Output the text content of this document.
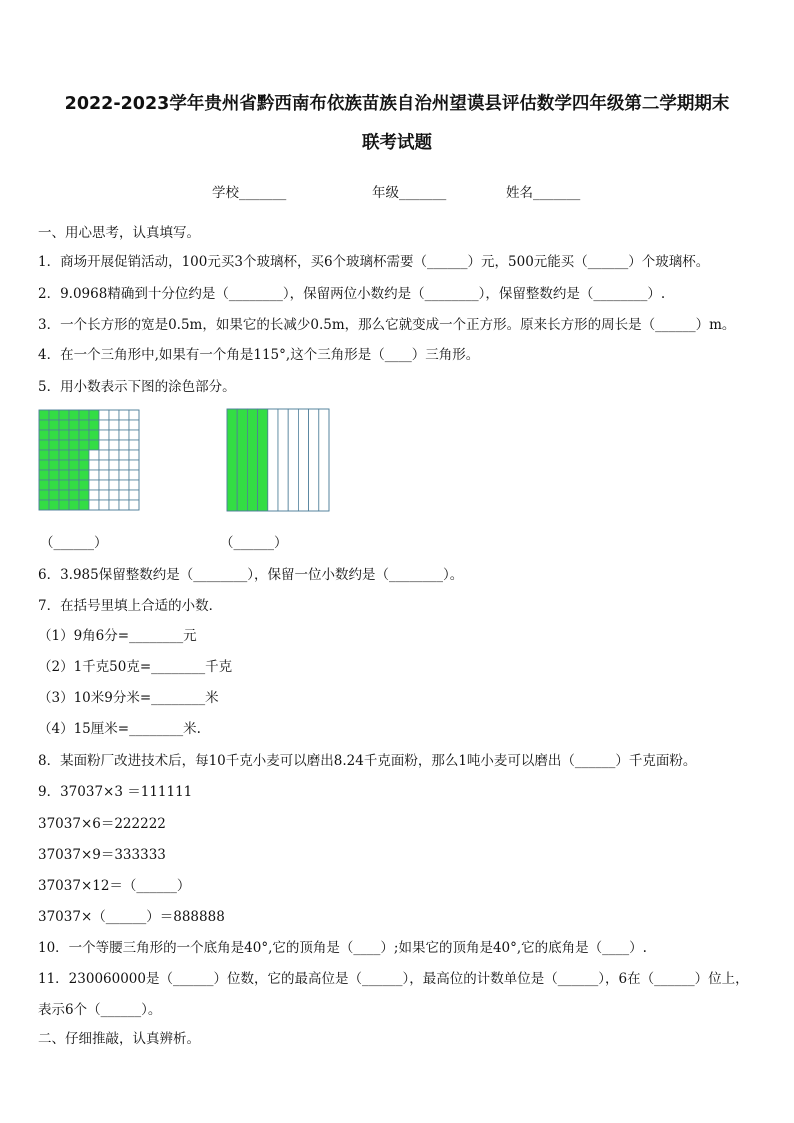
2022-2023学年贵州省黔西南布依族苗族自治州望谟县评估数学四年级第二学期期末
联考试题
学校_______	年级_______	姓名_______
一、用心思考，认真填写。
1．商场开展促销活动，100元买3个玻璃杯，买6个玻璃杯需要（______）元，500元能买（______）个玻璃杯。
2．9.0968精确到十分位约是（________），保留两位小数约是（________），保留整数约是（________）.
3．一个长方形的宽是0.5m，如果它的长减少0.5m，那么它就变成一个正方形。原来长方形的周长是（______）m。
4．在一个三角形中,如果有一个角是115°,这个三角形是（____）三角形。
5．用小数表示下图的涂色部分。
（______）	（______）
6．3.985保留整数约是（________），保留一位小数约是（________）。
7．在括号里填上合适的小数．
（1）9角6分=________元
（2）1千克50克=________千克
（3）10米9分米=________米
（4）15厘米=________米.
8．某面粉厂改进技术后，每10千克小麦可以磨出8.24千克面粉，那么1吨小麦可以磨出（______）千克面粉。
9．37037×3 ＝111111
37037×6＝222222
37037×9＝333333
37037×12＝（______）
37037×（______）＝888888
10．一个等腰三角形的一个底角是40°,它的顶角是（____）;如果它的顶角是40°,它的底角是（____）.
11．230060000是（______）位数，它的最高位是（______），最高位的计数单位是（______），6在（______）位上，
表示6个（______）。
二、仔细推敲，认真辨析。
